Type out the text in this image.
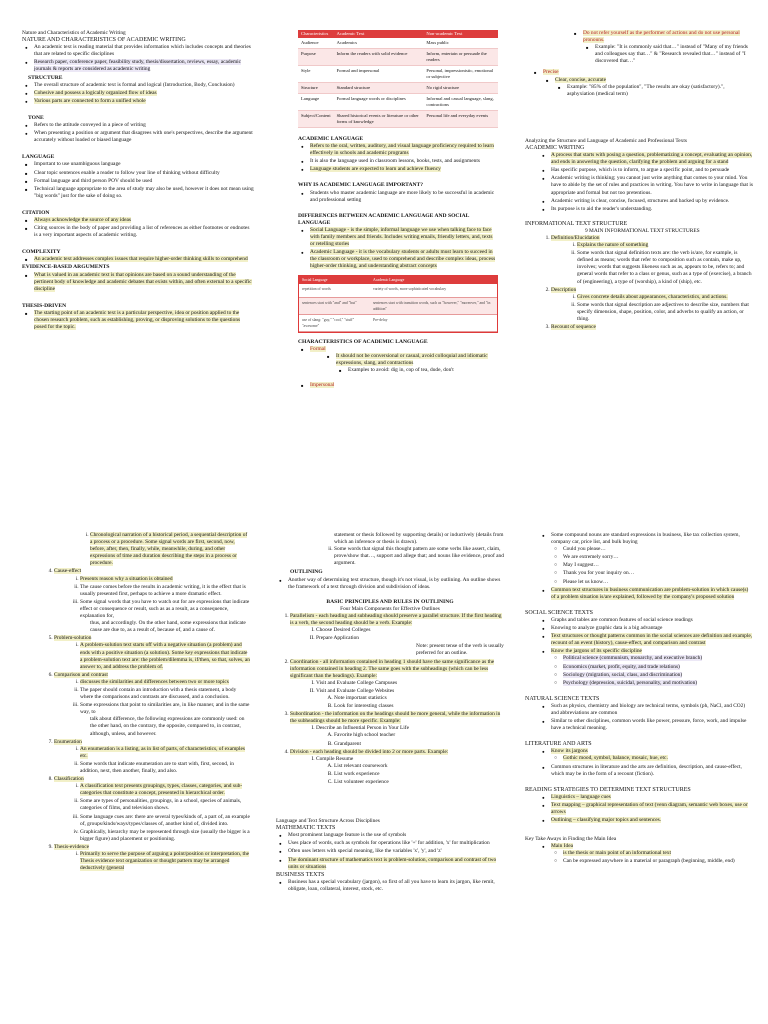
Nature and Characteristics of Academic Writing

NATURE AND CHARACTERISTICS OF ACADEMIC WRITING

● An academic text is reading material that provides information which includes concepts and theories that are related to specific disciplines
● Research paper, conference paper, feasibility study, thesis/dissertation, reviews, essay, academic journals & reports are considered as academic writing

STRUCTURE

● The overall structure of academic text is formal and logical (Introduction, Body, Conclusion)
● Cohesive and possess a logically organized flow of ideas
● Various parts are connected to form a unified whole

TONE

● Refers to the attitude conveyed in a piece of writing
● When presenting a position or argument that disagrees with one's perspectives, describe the argument accurately without loaded or biased language

LANGUAGE

■ Important to use unambiguous language
■ Clear topic sentences enable a reader to follow your line of thinking without difficulty
■ Formal language and third person POV should be used
■ Technical language appropriate to the area of study may also be used, however it does not mean using "big words" just for the sake of doing so.

CITATION

■ Always acknowledge the source of any ideas
■ Citing sources in the body of paper and providing a list of references as either footnotes or endnotes is a very important aspects of academic writing.

COMPLEXITY

■ An academic text addresses complex issues that require higher-order thinking skills to comprehend

EVIDENCE-BASED ARGUMENTS

■ What is valued in an academic text is that opinions are based on a sound understanding of the pertinent body of knowledge and academic debates that exists within, and often external to a specific discipline

THESIS-DRIVEN

■ The starting point of an academic text is a particular perspective, idea or position applied to the chosen research problem, such as establishing, proving, or disproving solutions to the questions posed for the topic.
Characteristics	Academic Text	Non-academic Text
Audience	Academics	Mass public
Purpose	Inform the readers with solid evidence	Inform, entertain or persuade the readers
Style	Formal and impersonal	Personal, impressionistic, emotional or subjective
Structure	Standard structure	No rigid structure
Language	Formal language words or disciplines	Informal and casual language, slang, contractions
Subject/Content	Shared historical events or literature or other forms of knowledge	Personal life and everyday events

ACADEMIC LANGUAGE

● Refers to the oral, written, auditory, and visual language proficiency required to learn effectively in schools and academic programs
● It is also the language used in classroom lessons, books, tests, and assignments
● Language students are expected to learn and achieve fluency

WHY IS ACADEMIC LANGUAGE IMPORTANT?

● Students who master academic language are more likely to be successful in academic and professional setting

DIFFERENCES BETWEEN ACADEMIC LANGUAGE AND SOCIAL LANGUAGE

● Social Language - is the simple, informal language we use when talking face to face with family members and friends. Includes writing emails, friendly letters, and, texts or retelling stories
● Academic Language - it is the vocabulary students or adults must learn to succeed in the classroom or workplace, used to comprehend and describe complex ideas, process higher-order thinking, and understanding abstract concepts
Social Language	Academic Language
repetition of words	variety of words, more sophisticated vocabulary
sentences start with "and" and "but"	sentences start with transition words, such as "however," "moreover," and "in addition"
use of slang: "guy," "cool," "stuff" "awesome"	Pre-delay

CHARACTERISTICS OF ACADEMIC LANGUAGE

■ Formal
■ It should not be conversional or casual, avoid colloquial and idiomatic expressions, slang, and contractions
■ Examples to avoid: dig in, cop of tea, dude, don't
■ Impersonal
■ Do not refer yourself as the performer of actions and do not use personal pronouns.
■ Example: "It is commonly said that…" instead of "Many of my friends and colleagues say that…" & "Research revealed that…" instead of "I discovered that…"
■ Precise
■ Clear, concise, accurate
■ Example: "85% of the population", "The results are okay (satisfactory).", asphyxiation (medical term)

Analyzing the Structure and Language of Academic and Professional Texts

ACADEMIC WRITING

● A process that starts with posing a question, problematizing a concept, evaluating an opinion, and ends in answering the question, clarifying the problem and arguing for a stand
● Has specific purpose, which is to inform, to argue a specific point, and to persuade
● Academic writing is thinking; you cannot just write anything that comes to your mind. You have to abide by the set of rules and practices in writing. You have to write in language that is appropriate and formal but not too pretentious.
● Academic writing is clear, concise, focused, structures and backed up by evidence.
● Its purpose is to aid the reader's understanding.

INFORMATIONAL TEXT STRUCTURE

9 MAIN INFORMATIONAL TEXT STRUCTURES

1. Definition/Elucidation
i. Explains the nature of something
ii. Some words that signal definition texts are: the verb is/are, for example, is defined as means; words that refer to composition such as contain, make up, involves; words that suggests likeness such as as, appears to be, refers to; and general words that refer to a class or genus, such as a type of (exercise), a branch of (engineering), a type of (worship), a kind of (ship), etc.
2. Description
i. Gives concrete details about appearances, characteristics, and actions.
ii. Some words that signal description are adjectives to describe size, numbers that specify dimension, shape, position, color, and adverbs to qualify an action, or thing.
3. Recount of sequence
i. Chronological narration of a historical period, a sequential description of a process or a procedure. Some signal words are first, second, now, before, after, then, finally, while, meanwhile, during, and other expressions of time and duration describing the steps in a process or procedure.
4. Cause-effect
i. Presents reason why a situation is obtained
ii. The cause comes before the results in academic writing, it is the effect that is usually presented first, perhaps to achieve a more dramatic effect.
iii. Some signal words that you have to watch out for are expressions that indicate effect or consequence or result, such as as a result, as a consequence, explanation for,

thus, and accordingly. On the other hand, some expressions that indicate cause are due to, as a result of, because of, and a cause of.

5. Problem-solution
i. A problem-solution text starts off with a negative situation (a problem) and ends with a positive situation (a solution). Some key expressions that indicate a problem-solution text are: the problem/dilemma is, if/then, so that, solves, an answer to, and address the problem of.
6. Comparison and contrast
i. discusses the similarities and differences between two or more topics
ii. The paper should contain an introduction with a thesis statement, a body where the comparisons and contrasts are discussed, and a conclusion.
iii. Some expressions that point to similarities are, in like manner, and in the same way, to

talk about difference, the following expressions are commonly used: on the other hand, on the contrary, the opposite, compared to, in contrast, although, unless, and however.

7. Enumeration
i. An enumeration is a listing, as in list of parts, of characteristics, of examples etc.
ii. Some words that indicate enumeration are to start with, first, second, in addition, next, then another, finally, and also.
8. Classification
i. A classification text presents groupings, types, classes, categories, and sub-categories that constitute a concept, presented in hierarchical order.
ii. Some are types of personalities, groupings, in a school, species of animals, categories of films, and television shows.
iii. Some language cues are: there are several types/kinds of, a part of, an example of, groups/kinds/ways/types/classes of, another kind of, divided into.
iv. Graphically, hierarchy may be represented through size (usually the bigger is a bigger figure) and placement or positioning.
9. Thesis-evidence
i. Primarily to serve the purpose of arguing a point/position or interpretation, the Thesis evidence text organization or thought pattern may be arranged deductively (general

statement or thesis followed by supporting details) or inductively (details from which an inference or thesis is drawn).

ii. Some words that signal this thought pattern are some verbs like assert, claim, prove/show that…, support and allege that; and nouns like evidence, proof and argument.

OUTLINING

● Another way of determining text structure, though it's not visual, is by outlining. An outline shows the framework of a text through division and subdivision of ideas.

BASIC PRINCIPLES AND RULES IN OUTLINING

Four Main Components for Effective Outlines

1. Parallelism - each heading and subheading should preserve a parallel structure. If the first heading is a verb, the second heading should be a verb. Example:
I. Choose Desired Colleges
II. Prepare Application

Note: present tense of the verb is usually preferred for an outline.

2. Coordination - all information contained in heading 1 should have the same significance as the information contained in heading 2. The same goes with the subheadings (which can be less significant than the headings). Example:
I. Visit and Evaluate College Campuses
II. Visit and Evaluate College Websites
A. Note important statistics
B. Look for interesting classes
3. Subordination - the information on the headings should be more general, while the information in the subheadings should be more specific. Example:
I. Describe an Influential Person in Your Life
A. Favorite high school teacher
B. Grandparent
4. Division - each heading should be divided into 2 or more parts. Example:
I. Compile Resume
A. List relevant coursework
B. List work experience
C. List volunteer experience

Language and Text Structure Across Disciplines

MATHEMATIC TEXTS

● Most prominent language feature is the use of symbols
● Uses place of words, such as symbols for operations like '+' for addition, 'x' for multiplication
● Often uses letters with special meaning, like the variables 'x', 'y', and 'z'
● The dominant structure of mathematics text is problem-solution, comparison and contrast of two units or situations

BUSINESS TEXTS

● Business has a special vocabulary (jargon), so first of all you have to learn its jargon, like remit, obligate, loan, collateral, interest, stock, etc.
● Some compound nouns are standard expressions in business, like tax collection system, company car, price list, and bulk buying
○ Could you please…
○ We are extremely sorry…
○ May I suggest…
○ Thank you for your inquiry on…
○ Please let us know…
● Common text structures in business communication are problem-solution in which cause(s) of a problem situation is/are explained, followed by the company's proposed solution

SOCIAL SCIENCE TEXTS

● Graphs and tables are common features of social science readings
● Knowing to analyze graphic data is a big advantage
● Text structures or thought patterns common in the social sciences are definition and example, recount of an event (history), cause-effect, and comparison and contrast
● Know the jargons of its specific discipline
○ Political science (communism, monarchy, and executive branch)
○ Economics (market, profit, equity, and trade relations)
○ Sociology (migration, social, class, and discrimination)
○ Psychology (depression, suicidal, personality, and motivation)

NATURAL SCIENCE TEXTS

● Such as physics, chemistry and biology are technical terms, symbols (ph, NaCl, and CO2) and abbreviations are common
● Similar to other disciplines, common words like power, pressure, force, work, and impulse have a technical meaning.

LITERATURE AND ARTS

● Know its jargons
○ Gothic mood, symbol, balance, mosaic, hue, etc.
● Common structures in literature and the arts are definition, description, and cause-effect, which may be in the form of a recount (fiction).

READING STRATEGIES TO DETERMINE TEXT STRUCTURES

● Linguistics – language cues
● Text mapping – graphical representation of text (venn diagram, semantic web boxes, use or arrows
● Outlining – classifying major topics and sentences.

Key Take Aways in Finding the Main Idea

● Main Idea
○ is the thesis or main point of an informational text
○ Can be expressed anywhere in a material or paragraph (beginning, middle, end)
